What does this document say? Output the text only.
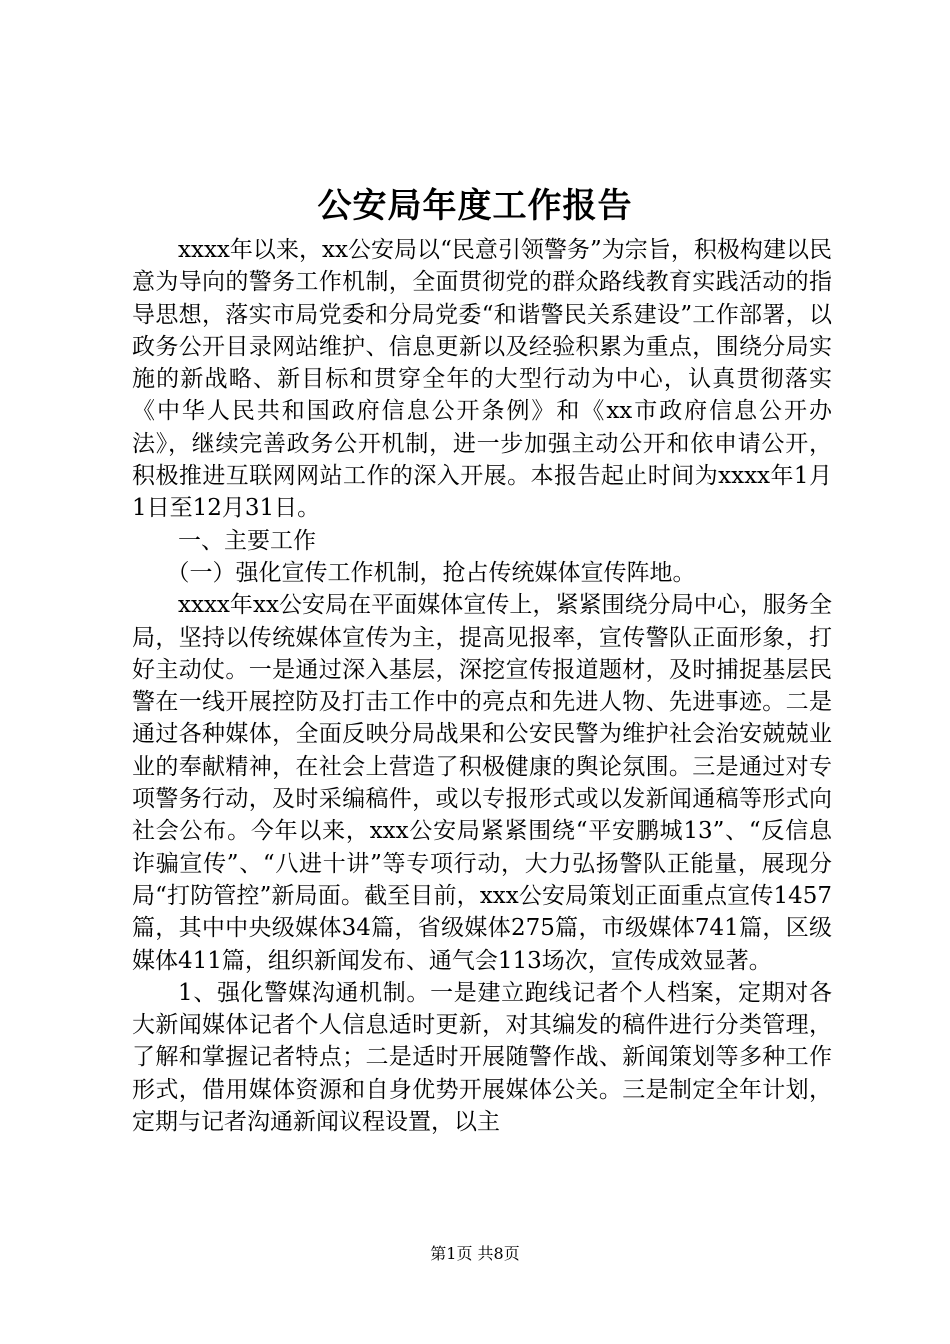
公安局年度工作报告

xxxx年以来，xx公安局以“民意引领警务”为宗旨，积极构建以民意为导向的警务工作机制，全面贯彻党的群众路线教育实践活动的指导思想，落实市局党委和分局党委“和谐警民关系建设”工作部署，以政务公开目录网站维护、信息更新以及经验积累为重点，围绕分局实施的新战略、新目标和贯穿全年的大型行动为中心，认真贯彻落实《中华人民共和国政府信息公开条例》和《xx市政府信息公开办法》，继续完善政务公开机制，进一步加强主动公开和依申请公开，积极推进互联网网站工作的深入开展。本报告起止时间为xxxx年1月1日至12月31日。

一、主要工作

（一）强化宣传工作机制，抢占传统媒体宣传阵地。

xxxx年xx公安局在平面媒体宣传上，紧紧围绕分局中心，服务全局，坚持以传统媒体宣传为主，提高见报率，宣传警队正面形象，打好主动仗。一是通过深入基层，深挖宣传报道题材，及时捕捉基层民警在一线开展控防及打击工作中的亮点和先进人物、先进事迹。二是通过各种媒体，全面反映分局战果和公安民警为维护社会治安兢兢业业的奉献精神，在社会上营造了积极健康的舆论氛围。三是通过对专项警务行动，及时采编稿件，或以专报形式或以发新闻通稿等形式向社会公布。今年以来，xxx公安局紧紧围绕“平安鹏城13”、“反信息诈骗宣传”、“八进十讲”等专项行动，大力弘扬警队正能量，展现分局“打防管控”新局面。截至目前，xxx公安局策划正面重点宣传1457篇，其中中央级媒体34篇，省级媒体275篇，市级媒体741篇，区级媒体411篇，组织新闻发布、通气会113场次，宣传成效显著。

1、强化警媒沟通机制。一是建立跑线记者个人档案，定期对各大新闻媒体记者个人信息适时更新，对其编发的稿件进行分类管理，了解和掌握记者特点；二是适时开展随警作战、新闻策划等多种工作形式，借用媒体资源和自身优势开展媒体公关。三是制定全年计划，定期与记者沟通新闻议程设置，以主

第1页 共8页
